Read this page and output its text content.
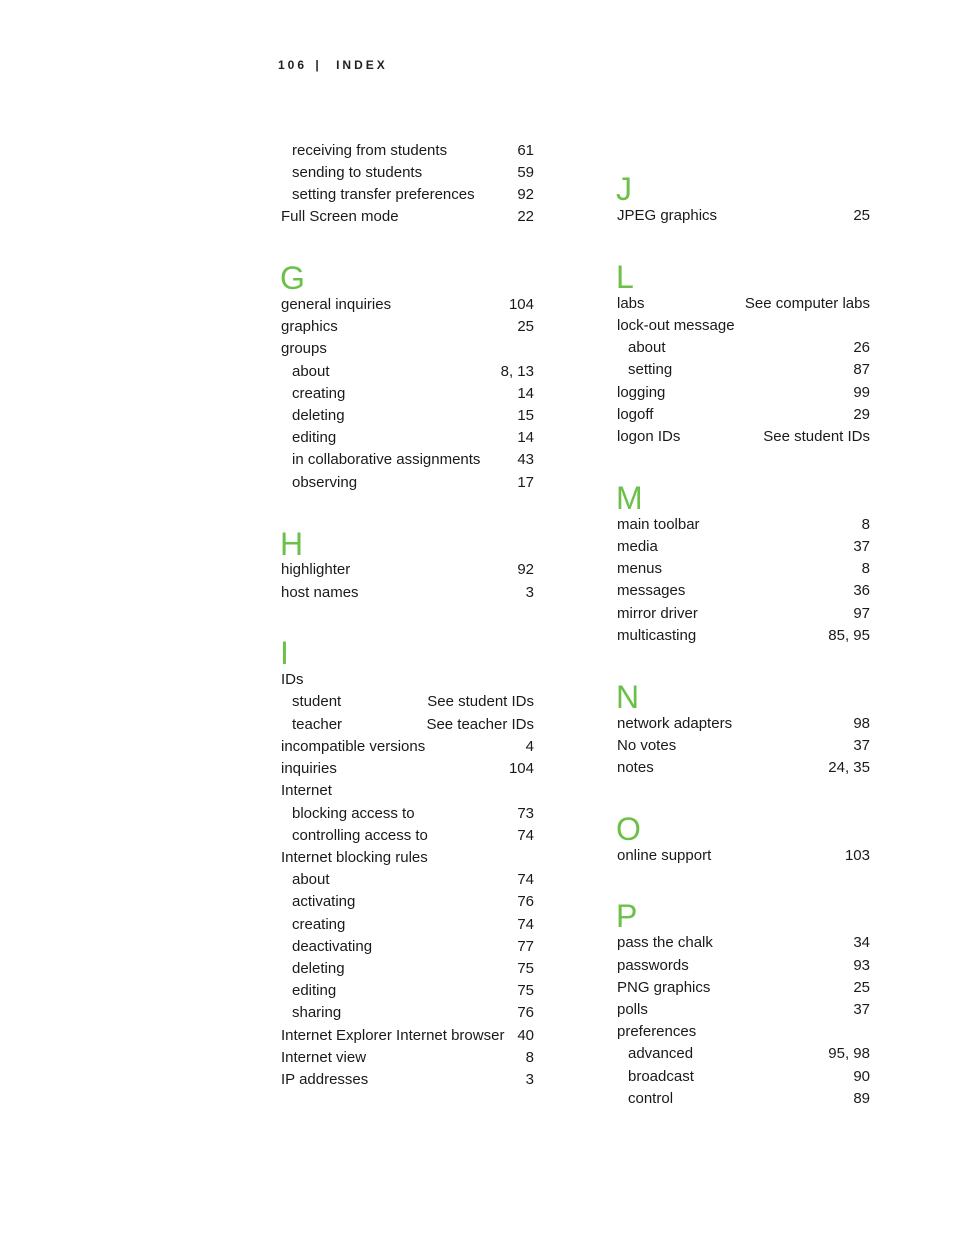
106 | INDEX
receiving from students	61
sending to students	59
setting transfer preferences	92
Full Screen mode	22
G
general inquiries	104
graphics	25
groups
about	8, 13
creating	14
deleting	15
editing	14
in collaborative assignments 43
observing	17
H
highlighter	92
host names	3
I
IDs
student	See student IDs
teacher	See teacher IDs
incompatible versions	4
inquiries	104
Internet
blocking access to	73
controlling access to	74
Internet blocking rules
about	74
activating	76
creating	74
deactivating	77
deleting	75
editing	75
sharing	76
Internet Explorer Internet browser 40
Internet view	8
IP addresses	3
J
JPEG graphics	25
L
labs	See computer labs
lock-out message
about	26
setting	87
logging	99
logoff	29
logon IDs	See student IDs
M
main toolbar	8
media	37
menus	8
messages	36
mirror driver	97
multicasting	85, 95
N
network adapters	98
No votes	37
notes	24, 35
O
online support	103
P
pass the chalk	34
passwords	93
PNG graphics	25
polls	37
preferences
advanced	95, 98
broadcast	90
control	89
